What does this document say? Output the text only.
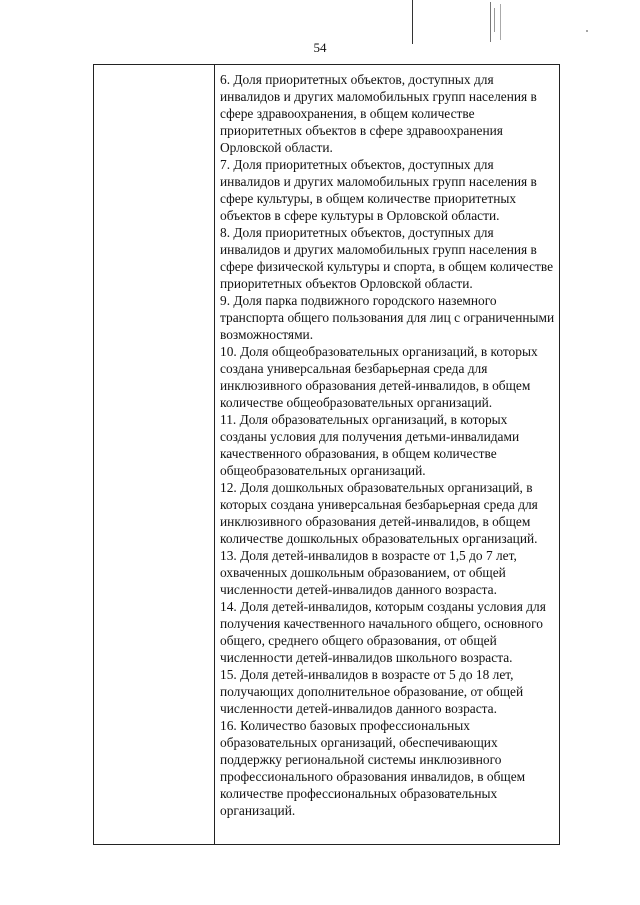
54

6. Доля приоритетных объектов, доступных для инвалидов и других маломобильных групп населения в сфере здравоохранения, в общем количестве приоритетных объектов в сфере здравоохранения Орловской области.

7. Доля приоритетных объектов, доступных для инвалидов и других маломобильных групп населения в сфере культуры, в общем количестве приоритетных объектов в сфере культуры в Орловской области.

8. Доля приоритетных объектов, доступных для инвалидов и других маломобильных групп населения в сфере физической культуры и спорта, в общем количестве приоритетных объектов Орловской области.

9. Доля парка подвижного городского наземного транспорта общего пользования для лиц с ограниченными возможностями.

10. Доля общеобразовательных организаций, в которых создана универсальная безбарьерная среда для инклюзивного образования детей-инвалидов, в общем количестве общеобразовательных организаций.

11. Доля образовательных организаций, в которых созданы условия для получения детьми-инвалидами качественного образования, в общем количестве общеобразовательных организаций.

12. Доля дошкольных образовательных организаций, в которых создана универсальная безбарьерная среда для инклюзивного образования детей-инвалидов, в общем количестве дошкольных образовательных организаций.

13. Доля детей-инвалидов в возрасте от 1,5 до 7 лет, охваченных дошкольным образованием, от общей численности детей-инвалидов данного возраста.

14. Доля детей-инвалидов, которым созданы условия для получения качественного начального общего, основного общего, среднего общего образования, от общей численности детей-инвалидов школьного возраста.

15. Доля детей-инвалидов в возрасте от 5 до 18 лет, получающих дополнительное образование, от общей численности детей-инвалидов данного возраста.

16. Количество базовых профессиональных образовательных организаций, обеспечивающих поддержку региональной системы инклюзивного профессионального образования инвалидов, в общем количестве профессиональных образовательных организаций.
